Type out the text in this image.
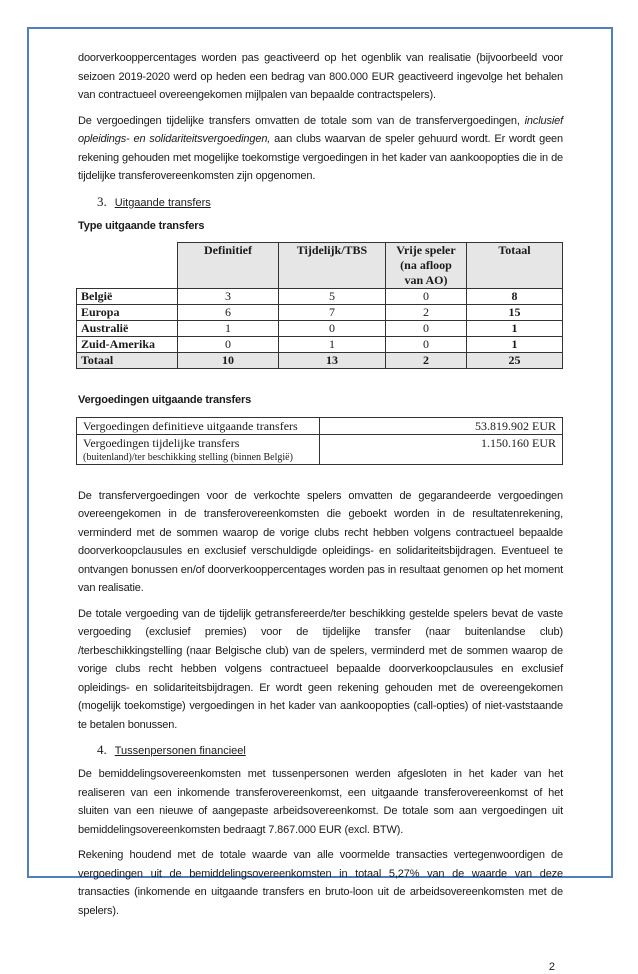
doorverkooppercentages worden pas geactiveerd op het ogenblik van realisatie (bijvoorbeeld voor seizoen 2019-2020 werd op heden een bedrag van 800.000 EUR geactiveerd ingevolge het behalen van contractueel overeengekomen mijlpalen van bepaalde contractspelers).
De vergoedingen tijdelijke transfers omvatten de totale som van de transfervergoedingen, inclusief opleidings- en solidariteitsvergoedingen, aan clubs waarvan de speler gehuurd wordt. Er wordt geen rekening gehouden met mogelijke toekomstige vergoedingen in het kader van aankoopopties die in de tijdelijke transferovereenkomsten zijn opgenomen.
3. Uitgaande transfers
Type uitgaande transfers
	Definitief	Tijdelijk/TBS	Vrije speler (na afloop van AO)	Totaal
België	3	5	0	8
Europa	6	7	2	15
Australië	1	0	0	1
Zuid-Amerika	0	1	0	1
Totaal	10	13	2	25
Vergoedingen uitgaande transfers
Vergoedingen definitieve uitgaande transfers	53.819.902 EUR
Vergoedingen tijdelijke transfers
(buitenland)/ter beschikking stelling (binnen België)	1.150.160 EUR
De transfervergoedingen voor de verkochte spelers omvatten de gegarandeerde vergoedingen overeengekomen in de transferovereenkomsten die geboekt worden in de resultatenrekening, verminderd met de sommen waarop de vorige clubs recht hebben volgens contractueel bepaalde doorverkoopclausules en exclusief verschuldigde opleidings- en solidariteitsbijdragen. Eventueel te ontvangen bonussen en/of doorverkooppercentages worden pas in resultaat genomen op het moment van realisatie.
De totale vergoeding van de tijdelijk getransfereerde/ter beschikking gestelde spelers bevat de vaste vergoeding (exclusief premies) voor de tijdelijke transfer (naar buitenlandse club) /terbeschikkingstelling (naar Belgische club) van de spelers, verminderd met de sommen waarop de vorige clubs recht hebben volgens contractueel bepaalde doorverkoopclausules en exclusief opleidings- en solidariteitsbijdragen. Er wordt geen rekening gehouden met de overeengekomen (mogelijk toekomstige) vergoedingen in het kader van aankoopopties (call-opties) of niet-vaststaande te betalen bonussen.
4. Tussenpersonen financieel
De bemiddelingsovereenkomsten met tussenpersonen werden afgesloten in het kader van het realiseren van een inkomende transferovereenkomst, een uitgaande transferovereenkomst of het sluiten van een nieuwe of aangepaste arbeidsovereenkomst. De totale som aan vergoedingen uit bemiddelingsovereenkomsten bedraagt 7.867.000 EUR (excl. BTW).
Rekening houdend met de totale waarde van alle voormelde transacties vertegenwoordigen de vergoedingen uit de bemiddelingsovereenkomsten in totaal 5,27% van de waarde van deze transacties (inkomende en uitgaande transfers en bruto-loon uit de arbeidsovereenkomsten met de spelers).
2
